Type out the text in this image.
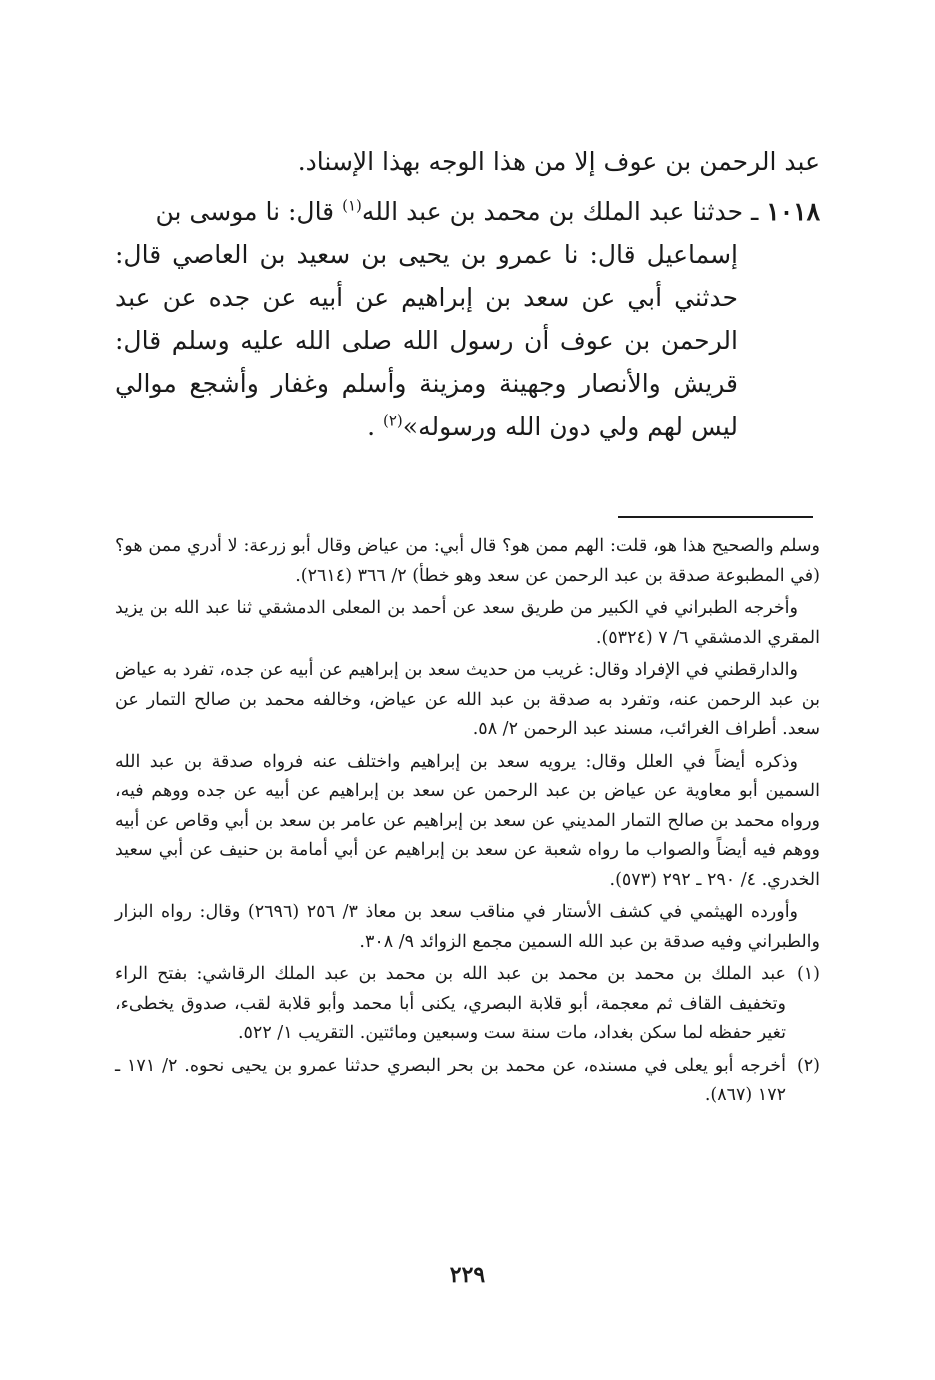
عبد الرحمن بن عوف إلا من هذا الوجه بهذا الإسناد.

١٠١٨ ـ حدثنا عبد الملك بن محمد بن عبد الله$^{(١)}$ قال: نا موسى بن

إسماعيل قال: نا عمرو بن يحيى بن سعيد بن العاصي قال: حدثني أبي عن سعد بن إبراهيم عن أبيه عن جده عن عبد الرحمن بن عوف أن رسول الله صلى الله عليه وسلم قال: قريش والأنصار وجهينة ومزينة وأسلم وغفار وأشجع موالي ليس لهم ولي دون الله ورسوله»$^{(٢)}$ .

وسلم والصحيح هذا هو، قلت: الهم ممن هو؟ قال أبي: من عياض وقال أبو زرعة: لا أدري ممن هو؟ (في المطبوعة صدقة بن عبد الرحمن عن سعد وهو خطأ) ٢/ ٣٦٦ (٢٦١٤).

وأخرجه الطبراني في الكبير من طريق سعد عن أحمد بن المعلى الدمشقي ثنا عبد الله بن يزيد المقري الدمشقي ٦/ ٧ (٥٣٢٤).

والدارقطني في الإفراد وقال: غريب من حديث سعد بن إبراهيم عن أبيه عن جده، تفرد به عياض بن عبد الرحمن عنه، وتفرد به صدقة بن عبد الله عن عياض، وخالفه محمد بن صالح التمار عن سعد. أطراف الغرائب، مسند عبد الرحمن ٢/ ٥٨.

وذكره أيضاً في العلل وقال: يرويه سعد بن إبراهيم واختلف عنه فرواه صدقة بن عبد الله السمين أبو معاوية عن عياض بن عبد الرحمن عن سعد بن إبراهيم عن أبيه عن جده ووهم فيه، ورواه محمد بن صالح التمار المديني عن سعد بن إبراهيم عن عامر بن سعد بن أبي وقاص عن أبيه ووهم فيه أيضاً والصواب ما رواه شعبة عن سعد بن إبراهيم عن أبي أمامة بن حنيف عن أبي سعيد الخدري. ٤/ ٢٩٠ ـ ٢٩٢ (٥٧٣).

وأورده الهيثمي في كشف الأستار في مناقب سعد بن معاذ ٣/ ٢٥٦ (٢٦٩٦) وقال: رواه البزار والطبراني وفيه صدقة بن عبد الله السمين مجمع الزوائد ٩/ ٣٠٨.

(١)
عبد الملك بن محمد بن محمد بن عبد الله بن محمد بن عبد الملك الرقاشي: بفتح الراء وتخفيف القاف ثم معجمة، أبو قلابة البصري، يكنى أبا محمد وأبو قلابة لقب، صدوق يخطىء، تغير حفظه لما سكن بغداد، مات سنة ست وسبعين ومائتين. التقريب ١/ ٥٢٢.
(٢)
أخرجه أبو يعلى في مسنده، عن محمد بن بحر البصري حدثنا عمرو بن يحيى نحوه. ٢/ ١٧١ ـ ١٧٢ (٨٦٧).
٢٢٩
